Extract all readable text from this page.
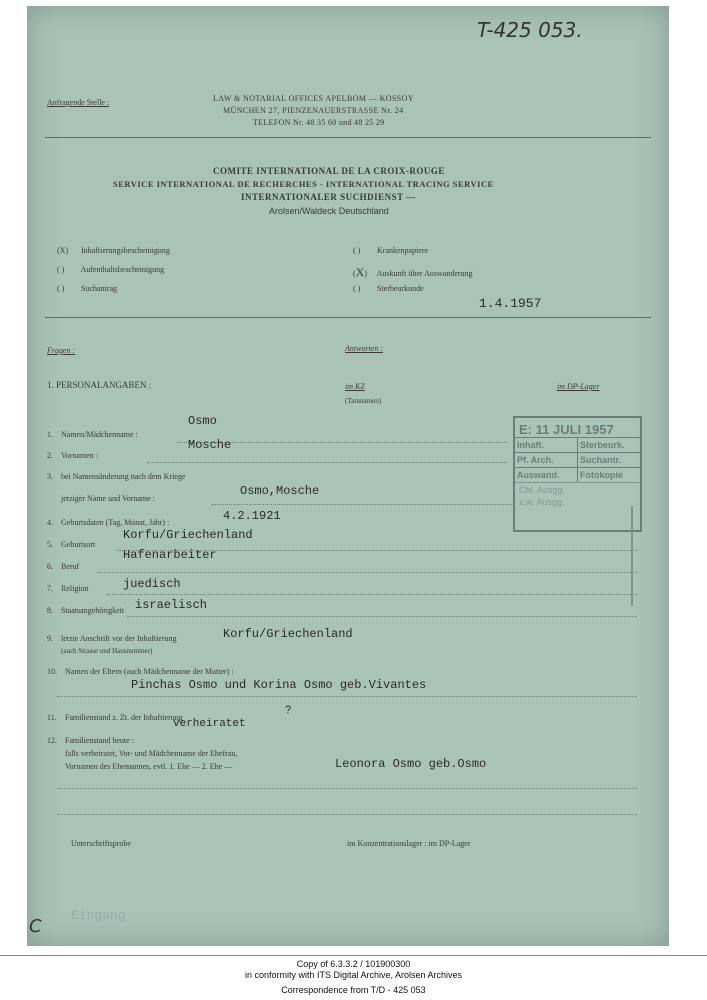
T-425 053.
Anfragende Stelle :	LAW & NOTARIAL OFFICES APELBOM — KOSSOY
MÜNCHEN 27, PIENZENAUERSTRASSE Nr. 24
TELEFON Nr. 48 35 60 und 48 25 29
COMITE INTERNATIONAL DE LA CROIX-ROUGE
SERVICE INTERNATIONAL DE RECHERCHES - INTERNATIONAL TRACING SERVICE
INTERNATIONALER SUCHDIENST —
Arolsen/Waldeck Deutschland
(X) Inhaftierungsbescheinigung
( ) Aufenthaltsbescheinigung
( ) Suchantrag
( ) Krankenpapiere
(X) Auskunft über Auswanderung
( ) Sterbeurkunde
1.4.1957
Fragen :	Antworten :
1. PERSONALANGABEN :	im KZ
(Tarnnamen)
im DP-Lager
1. Namen/Mädchenname :
Osmo
2. Vornamen :
Mosche
3. bei Namensänderung nach dem Kriege
jetziger Name und Vorname :
Osmo,Mosche
4. Geburtsdaten (Tag, Monat, Jahr) :	4.2.1921
5. Geburtsort
Korfu/Griechenland
6. Beruf
Hafenarbeiter
7. Religion	juedisch
8. Staatsangehörigkeit israelisch
9. letzte Anschrift vor der Inhaftierung	Korfu/Griechenland
(auch Strasse und Hausnummer)
10. Namen der Eltern (auch Mädchenname der Mutter) :
Pinchas Osmo und Korina Osmo geb.Vivantes
11. Familienstand z. Zt. der Inhaftierung
?
verheiratet
12. Familienstand heute :
falls verheiratet, Vor- und Mädchenname der Ehefrau,
Vornamen des Ehemannes, evtl. 1. Ehe — 2. Ehe —	Leonora Osmo geb.Osmo
E: 11 JULI 1957
Inhaft.	Sterbeurk.
Pf. Arch.	Suchantr.
Auswand.	Fotokopie
Chl. Ausgg.
z.w. Ausgg.
Unterschriftsprobe	im Konzentrationslager : im DP-Lager
Eingang
C
Copy of 6.3.3.2 / 101900300
in conformity with ITS Digital Archive, Arolsen Archives
Correspondence from T/D - 425 053
